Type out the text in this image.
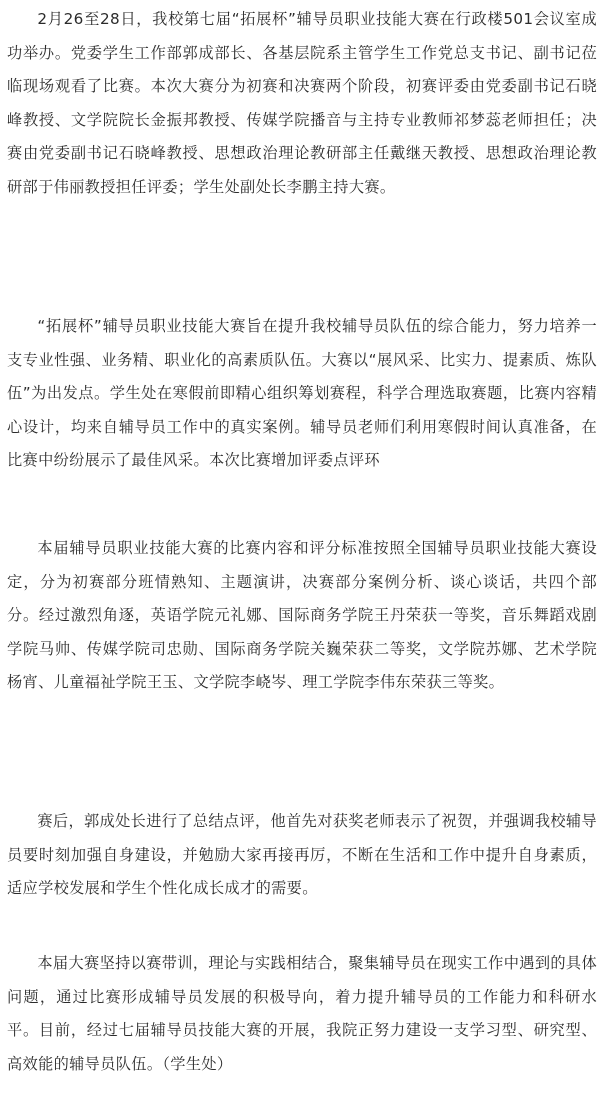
2月26至28日，我校第七届“拓展杯”辅导员职业技能大赛在行政楼501会议室成功举办。党委学生工作部郭成部长、各基层院系主管学生工作党总支书记、副书记莅临现场观看了比赛。本次大赛分为初赛和决赛两个阶段，初赛评委由党委副书记石晓峰教授、文学院院长金振邦教授、传媒学院播音与主持专业教师祁梦蕊老师担任；决赛由党委副书记石晓峰教授、思想政治理论教研部主任戴继天教授、思想政治理论教研部于伟丽教授担任评委；学生处副处长李鹏主持大赛。

“拓展杯”辅导员职业技能大赛旨在提升我校辅导员队伍的综合能力，努力培养一支专业性强、业务精、职业化的高素质队伍。大赛以“展风采、比实力、提素质、炼队伍”为出发点。学生处在寒假前即精心组织筹划赛程，科学合理选取赛题，比赛内容精心设计，均来自辅导员工作中的真实案例。辅导员老师们利用寒假时间认真准备，在比赛中纷纷展示了最佳风采。本次比赛增加评委点评环

本届辅导员职业技能大赛的比赛内容和评分标准按照全国辅导员职业技能大赛设定，分为初赛部分班情熟知、主题演讲，决赛部分案例分析、谈心谈话，共四个部分。经过激烈角逐，英语学院元礼娜、国际商务学院王丹荣获一等奖，音乐舞蹈戏剧学院马帅、传媒学院司忠勋、国际商务学院关巍荣获二等奖，文学院苏娜、艺术学院杨宵、儿童福祉学院王玉、文学院李峣岑、理工学院李伟东荣获三等奖。

赛后，郭成处长进行了总结点评，他首先对获奖老师表示了祝贺，并强调我校辅导员要时刻加强自身建设，并勉励大家再接再厉，不断在生活和工作中提升自身素质，适应学校发展和学生个性化成长成才的需要。

本届大赛坚持以赛带训，理论与实践相结合，聚集辅导员在现实工作中遇到的具体问题，通过比赛形成辅导员发展的积极导向，着力提升辅导员的工作能力和科研水平。目前，经过七届辅导员技能大赛的开展，我院正努力建设一支学习型、研究型、高效能的辅导员队伍。（学生处）
